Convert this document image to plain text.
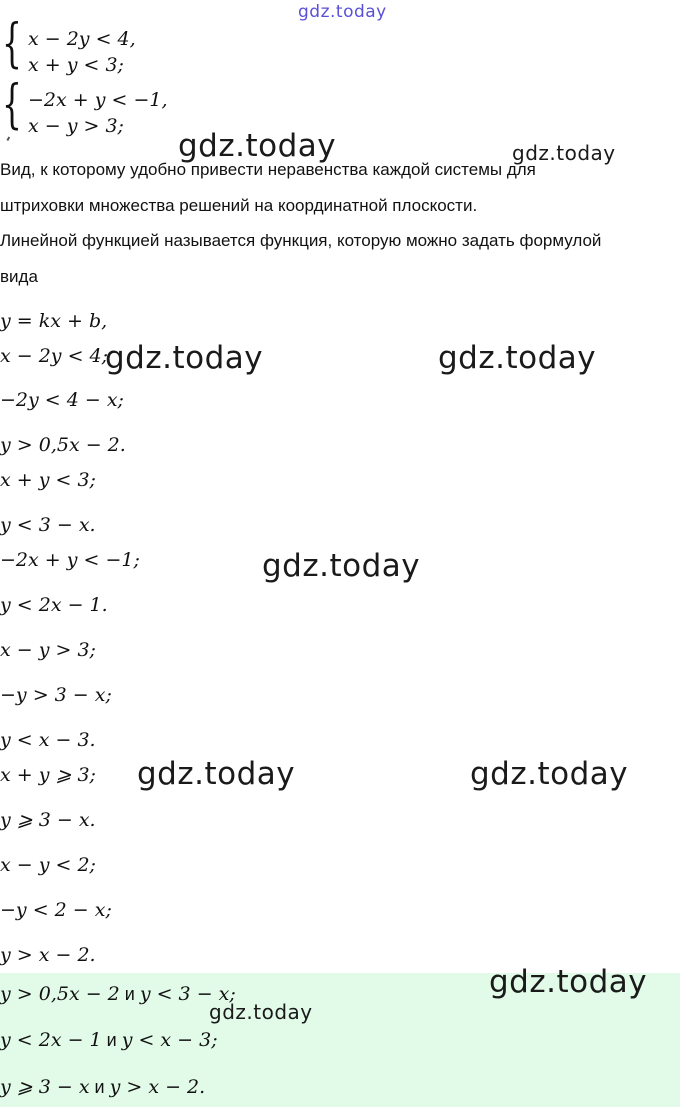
{ x − 2y < 4,
x + y < 3;
{ −2x + y < −1,
x − y > 3;
Вид, к которому удобно привести неравенства каждой системы для
штриховки множества решений на координатной плоскости.
Линейной функцией называется функция, которую можно задать формулой
вида
y = kx + b,
x − 2y < 4;
−2y < 4 − x;
y > 0,5x − 2.
x + y < 3;
y < 3 − x.
−2x + y < −1;
y < 2x − 1.
x − y > 3;
−y > 3 − x;
y < x − 3.
x + y ⩾ 3;
y ⩾ 3 − x.
x − y < 2;
−y < 2 − x;
y > x − 2.
y > 0,5x − 2 и y < 3 − x;
y < 2x − 1 и y < x − 3;
y ⩾ 3 − x и y > x − 2.
gdz.today
gdz.today	gdz.today
gdz.today	gdz.today
gdz.today
gdz.today	gdz.today
gdz.today
gdz.today
